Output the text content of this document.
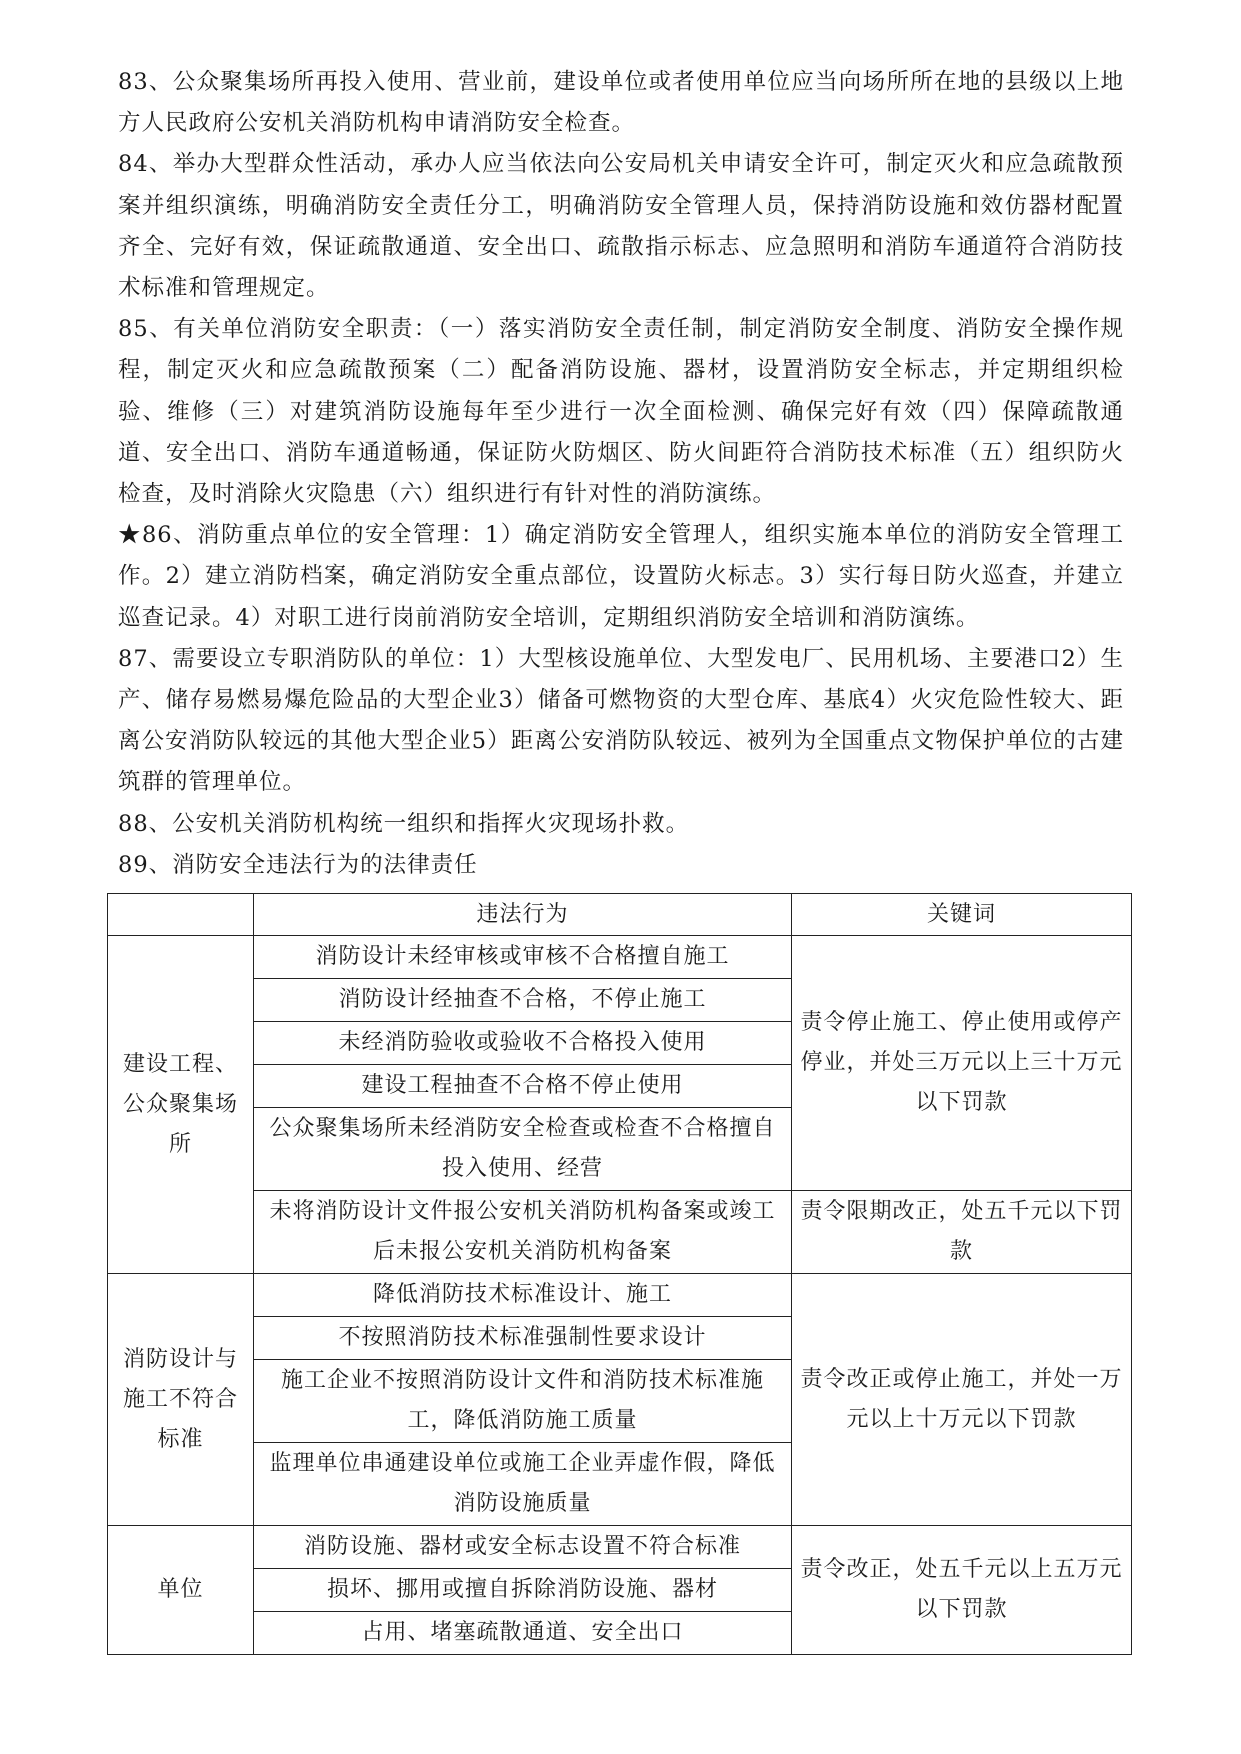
83、公众聚集场所再投入使用、营业前，建设单位或者使用单位应当向场所所在地的县级以上地方人民政府公安机关消防机构申请消防安全检查。

84、举办大型群众性活动，承办人应当依法向公安局机关申请安全许可，制定灭火和应急疏散预案并组织演练，明确消防安全责任分工，明确消防安全管理人员，保持消防设施和效仿器材配置齐全、完好有效，保证疏散通道、安全出口、疏散指示标志、应急照明和消防车通道符合消防技术标准和管理规定。

85、有关单位消防安全职责：（一）落实消防安全责任制，制定消防安全制度、消防安全操作规程，制定灭火和应急疏散预案（二）配备消防设施、器材，设置消防安全标志，并定期组织检验、维修（三）对建筑消防设施每年至少进行一次全面检测、确保完好有效（四）保障疏散通道、安全出口、消防车通道畅通，保证防火防烟区、防火间距符合消防技术标准（五）组织防火检查，及时消除火灾隐患（六）组织进行有针对性的消防演练。

★86、消防重点单位的安全管理：1）确定消防安全管理人，组织实施本单位的消防安全管理工作。2）建立消防档案，确定消防安全重点部位，设置防火标志。3）实行每日防火巡查，并建立巡查记录。4）对职工进行岗前消防安全培训，定期组织消防安全培训和消防演练。

87、需要设立专职消防队的单位：1）大型核设施单位、大型发电厂、民用机场、主要港口2）生产、储存易燃易爆危险品的大型企业3）储备可燃物资的大型仓库、基底4）火灾危险性较大、距离公安消防队较远的其他大型企业5）距离公安消防队较远、被列为全国重点文物保护单位的古建筑群的管理单位。

88、公安机关消防机构统一组织和指挥火灾现场扑救。

89、消防安全违法行为的法律责任

	违法行为	关键词
建设工程、公众聚集场所	消防设计未经审核或审核不合格擅自施工	责令停止施工、停止使用或停产停业，并处三万元以上三十万元以下罚款
	消防设计经抽查不合格，不停止施工	
	未经消防验收或验收不合格投入使用	
	建设工程抽查不合格不停止使用	
	公众聚集场所未经消防安全检查或检查不合格擅自投入使用、经营	
	未将消防设计文件报公安机关消防机构备案或竣工后未报公安机关消防机构备案	责令限期改正，处五千元以下罚款
消防设计与施工不符合标准	降低消防技术标准设计、施工	责令改正或停止施工，并处一万元以上十万元以下罚款
	不按照消防技术标准强制性要求设计	
	施工企业不按照消防设计文件和消防技术标准施工，降低消防施工质量	
	监理单位串通建设单位或施工企业弄虚作假，降低消防设施质量	
单位	消防设施、器材或安全标志设置不符合标准	责令改正，处五千元以上五万元以下罚款
	损坏、挪用或擅自拆除消防设施、器材	
	占用、堵塞疏散通道、安全出口	
